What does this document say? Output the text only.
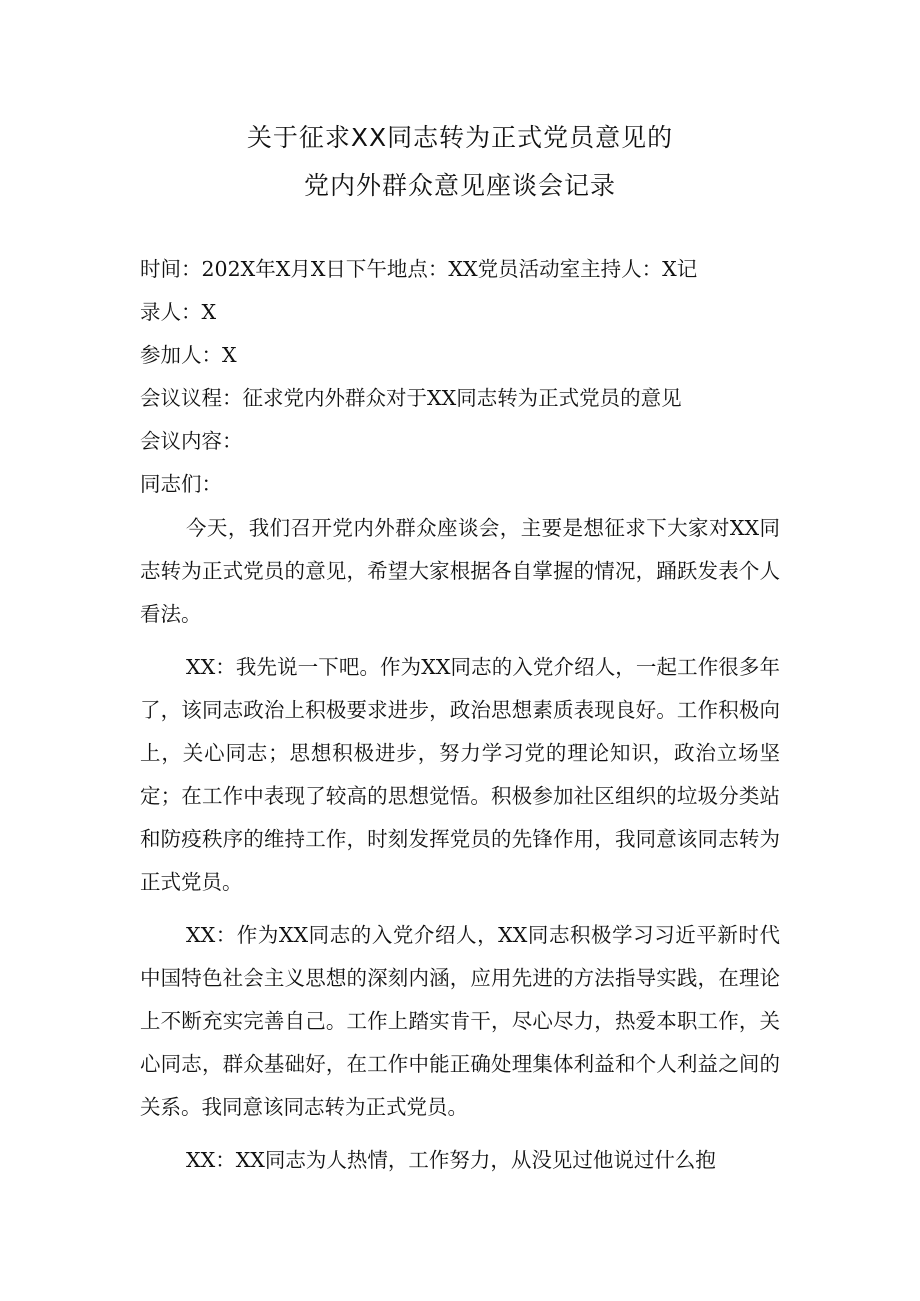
关于征求XX同志转为正式党员意见的
党内外群众意见座谈会记录
时间：202X年X月X日下午地点：XX党员活动室主持人：X记
录人：X
参加人：X
会议议程：征求党内外群众对于XX同志转为正式党员的意见
会议内容：
同志们：

今天，我们召开党内外群众座谈会，主要是想征求下大家对XX同志转为正式党员的意见，希望大家根据各自掌握的情况，踊跃发表个人看法。

XX：我先说一下吧。作为XX同志的入党介绍人，一起工作很多年了，该同志政治上积极要求进步，政治思想素质表现良好。工作积极向上，关心同志；思想积极进步，努力学习党的理论知识，政治立场坚定；在工作中表现了较高的思想觉悟。积极参加社区组织的垃圾分类站和防疫秩序的维持工作，时刻发挥党员的先锋作用，我同意该同志转为正式党员。

XX：作为XX同志的入党介绍人，XX同志积极学习习近平新时代中国特色社会主义思想的深刻内涵，应用先进的方法指导实践，在理论上不断充实完善自己。工作上踏实肯干，尽心尽力，热爱本职工作，关心同志，群众基础好，在工作中能正确处理集体利益和个人利益之间的关系。我同意该同志转为正式党员。

XX：XX同志为人热情，工作努力，从没见过他说过什么抱
